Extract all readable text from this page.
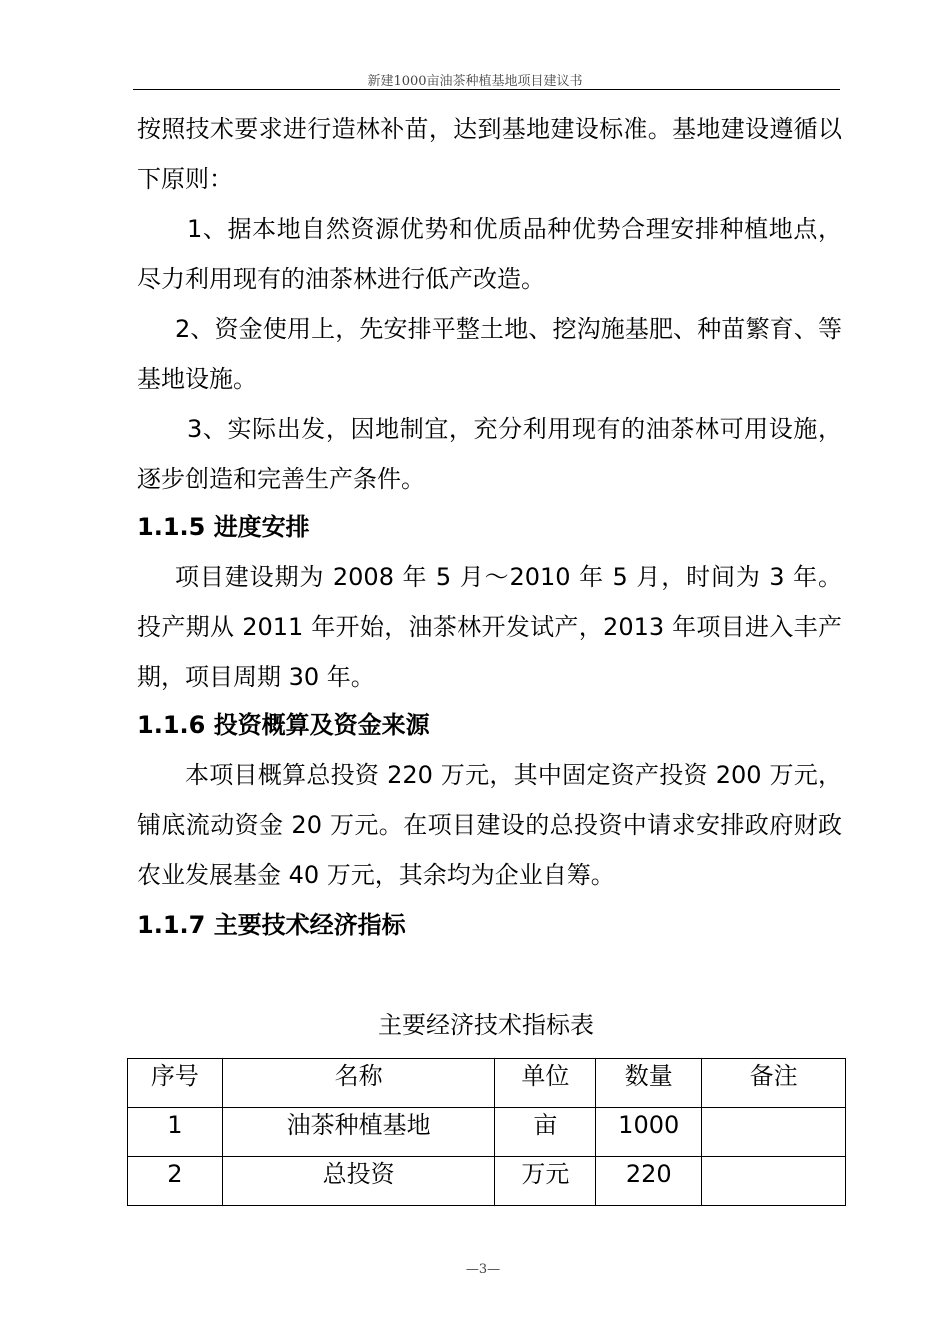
新建1000亩油茶种植基地项目建议书

按照技术要求进行造林补苗，达到基地建设标准。基地建设遵循以下原则：

1、据本地自然资源优势和优质品种优势合理安排种植地点，尽力利用现有的油茶林进行低产改造。

2、资金使用上，先安排平整土地、挖沟施基肥、种苗繁育、等基地设施。

3、实际出发，因地制宜，充分利用现有的油茶林可用设施，逐步创造和完善生产条件。

1.1.5 进度安排

项目建设期为 2008 年 5 月～2010 年 5 月，时间为 3 年。投产期从 2011 年开始，油茶林开发试产，2013 年项目进入丰产期，项目周期 30 年。

1.1.6 投资概算及资金来源

本项目概算总投资 220 万元，其中固定资产投资 200 万元，铺底流动资金 20 万元。在项目建设的总投资中请求安排政府财政农业发展基金 40 万元，其余均为企业自筹。

1.1.7 主要技术经济指标
主要经济技术指标表
序号	名称	单位	数量	备注
1	油茶种植基地	亩	1000	
2	总投资	万元	220	
—3—
